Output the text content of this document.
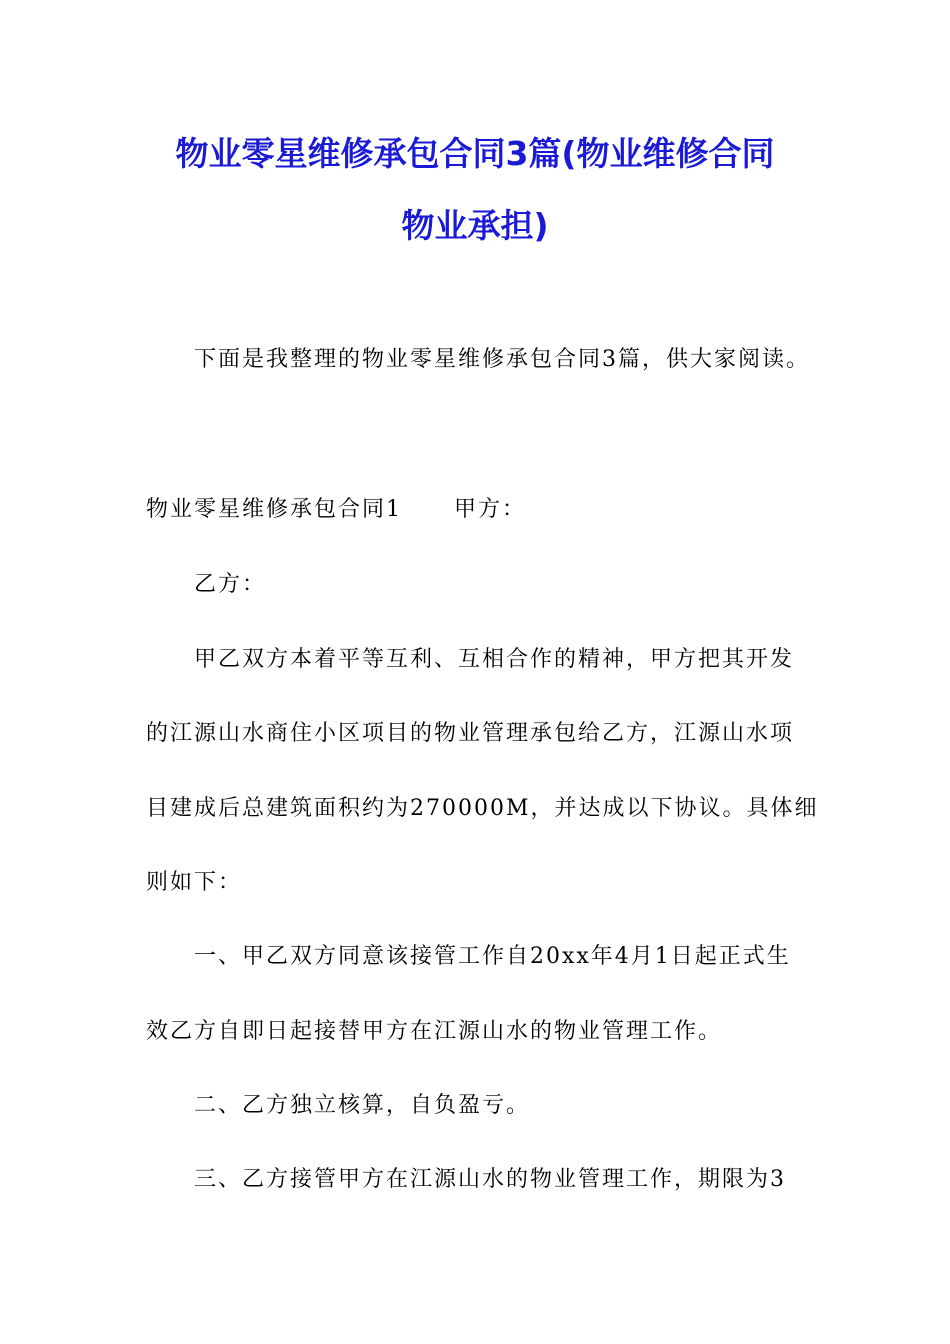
物业零星维修承包合同3篇(物业维修合同
物业承担)
下面是我整理的物业零星维修承包合同3篇，供大家阅读。
物业零星维修承包合同1 甲方：
乙方：
甲乙双方本着平等互利、互相合作的精神，甲方把其开发
的江源山水商住小区项目的物业管理承包给乙方，江源山水项
目建成后总建筑面积约为270000M，并达成以下协议。具体细
则如下：
一、甲乙双方同意该接管工作自20xx年4月1日起正式生
效乙方自即日起接替甲方在江源山水的物业管理工作。
二、乙方独立核算，自负盈亏。
三、乙方接管甲方在江源山水的物业管理工作，期限为3
